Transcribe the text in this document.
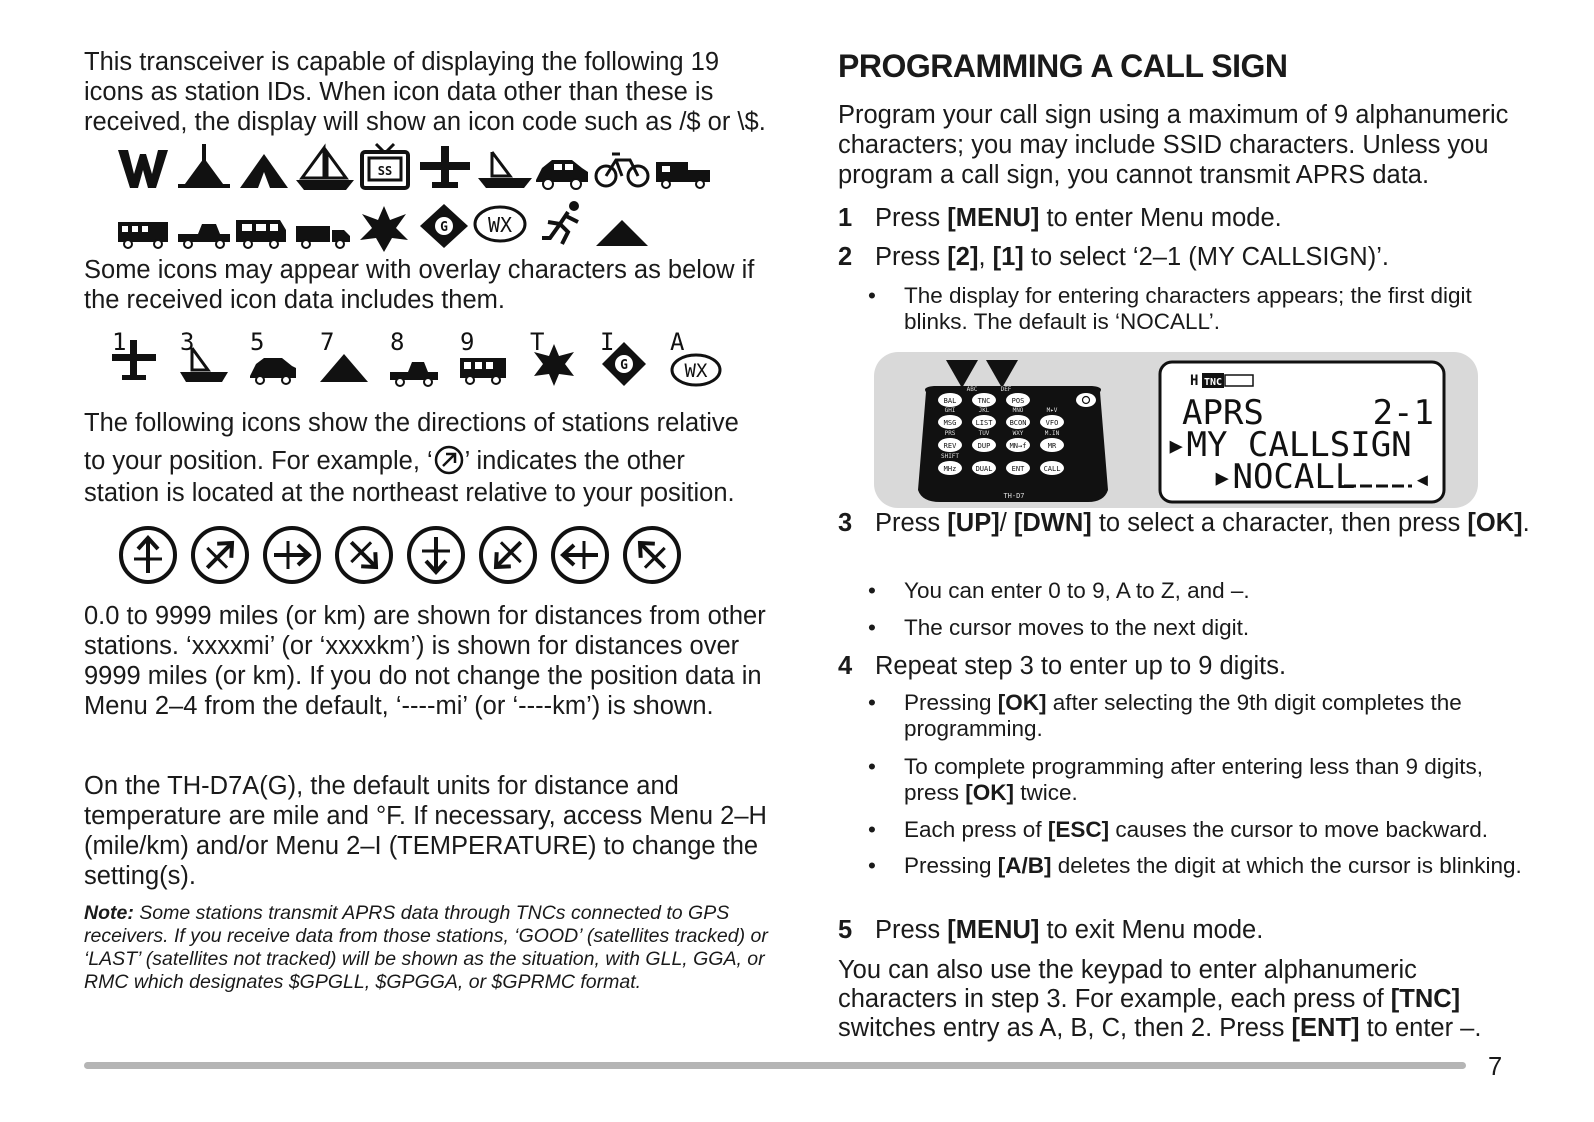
This transceiver is capable of displaying the following 19 icons as station IDs. When icon data other than these is received, the display will show an icon code such as /$ or \$.
SS
G WX
Some icons may appear with overlay characters as below if the received icon data includes them.
1 3 5 7 8 9 T
G
I
WX
A
The following icons show the directions of stations relative
to your position. For example, ‘ ’ indicates the other
station is located at the northeast relative to your position.
0.0 to 9999 miles (or km) are shown for distances from other stations. ‘xxxxmi’ (or ‘xxxxkm’) is shown for distances over 9999 miles (or km). If you do not change the position data in Menu 2–4 from the default, ‘----mi’ (or ‘----km’) is shown.
On the TH-D7A(G), the default units for distance and temperature are mile and °F. If necessary, access Menu 2–H (mile/km) and/or Menu 2–I (TEMPERATURE) to change the setting(s).
Note: Some stations transmit APRS data through TNCs connected to GPS receivers. If you receive data from those stations, ‘GOOD’ (satellites tracked) or ‘LAST’ (satellites not tracked) will be shown as the situation, with GLL, GGA, or RMC which designates $GPGLL, $GPGGA, or $GPRMC format.
PROGRAMMING A CALL SIGN
Program your call sign using a maximum of 9 alphanumeric characters; you may include SSID characters. Unless you program a call sign, you cannot transmit APRS data.
1 Press [MENU] to enter Menu mode.
2 Press [2], [1] to select ‘2–1 (MY CALLSIGN)’.
• The display for entering characters appears; the first digit blinks. The default is ‘NOCALL’.
H TNC
APRS	2-1
▸MY CALLSIGN
▸NOCALL ◂
BAL	TNC	POS
MSG	LIST BCON	VFO
REV	DUP	MN→f	MR
MHz	DUAL	ENT	CALL
GHI	JKL	MNO	M▸V
PRS	TUV	WXY	M.IN
SHIFT
ABC	DEF
TH-D7
3 Press [UP]/ [DWN] to select a character, then press [OK].
• You can enter 0 to 9, A to Z, and –.
• The cursor moves to the next digit.
4 Repeat step 3 to enter up to 9 digits.
• Pressing [OK] after selecting the 9th digit completes the programming.
• To complete programming after entering less than 9 digits, press [OK] twice.
• Each press of [ESC] causes the cursor to move backward.
• Pressing [A/B] deletes the digit at which the cursor is blinking.
5 Press [MENU] to exit Menu mode.
You can also use the keypad to enter alphanumeric
characters in step 3. For example, each press of [TNC]
switches entry as A, B, C, then 2. Press [ENT] to enter –.
7
